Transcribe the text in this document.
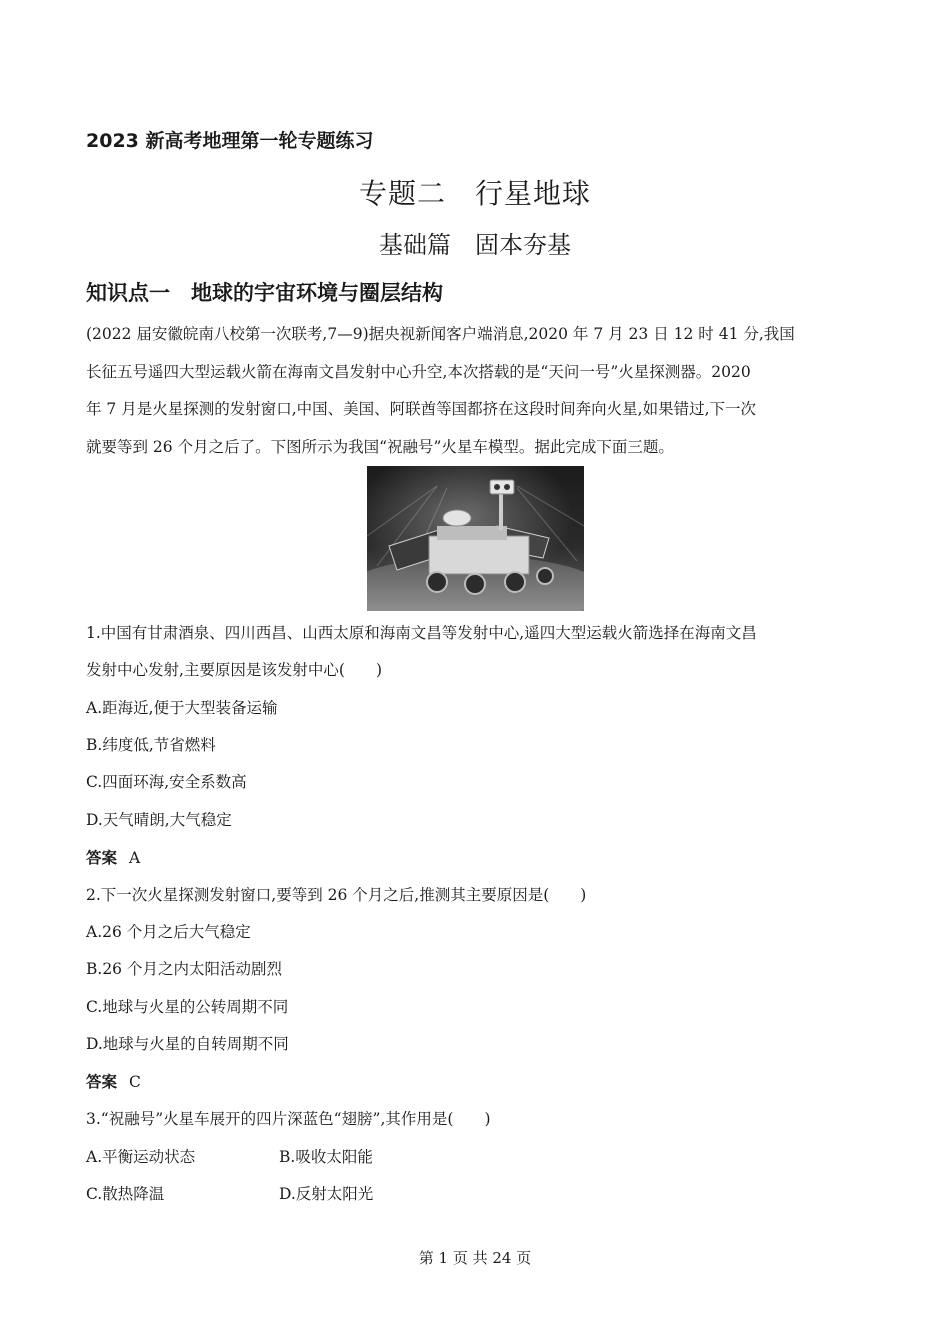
2023 新高考地理第一轮专题练习
专题二　行星地球
基础篇　固本夯基
知识点一　地球的宇宙环境与圈层结构
(2022 届安徽皖南八校第一次联考,7—9)据央视新闻客户端消息,2020 年 7 月 23 日 12 时 41 分,我国
长征五号遥四大型运载火箭在海南文昌发射中心升空,本次搭载的是“天问一号”火星探测器。2020
年 7 月是火星探测的发射窗口,中国、美国、阿联酋等国都挤在这段时间奔向火星,如果错过,下一次
就要等到 26 个月之后了。下图所示为我国“祝融号”火星车模型。据此完成下面三题。
1.中国有甘肃酒泉、四川西昌、山西太原和海南文昌等发射中心,遥四大型运载火箭选择在海南文昌
发射中心发射,主要原因是该发射中心(　　)
A.距海近,便于大型装备运输
B.纬度低,节省燃料
C.四面环海,安全系数高
D.天气晴朗,大气稳定
答案 A
2.下一次火星探测发射窗口,要等到 26 个月之后,推测其主要原因是(　　)
A.26 个月之后大气稳定
B.26 个月之内太阳活动剧烈
C.地球与火星的公转周期不同
D.地球与火星的自转周期不同
答案 C
3.“祝融号”火星车展开的四片深蓝色“翅膀”,其作用是(　　)
A.平衡运动状态	B.吸收太阳能
C.散热降温	D.反射太阳光
第 1 页 共 24 页
